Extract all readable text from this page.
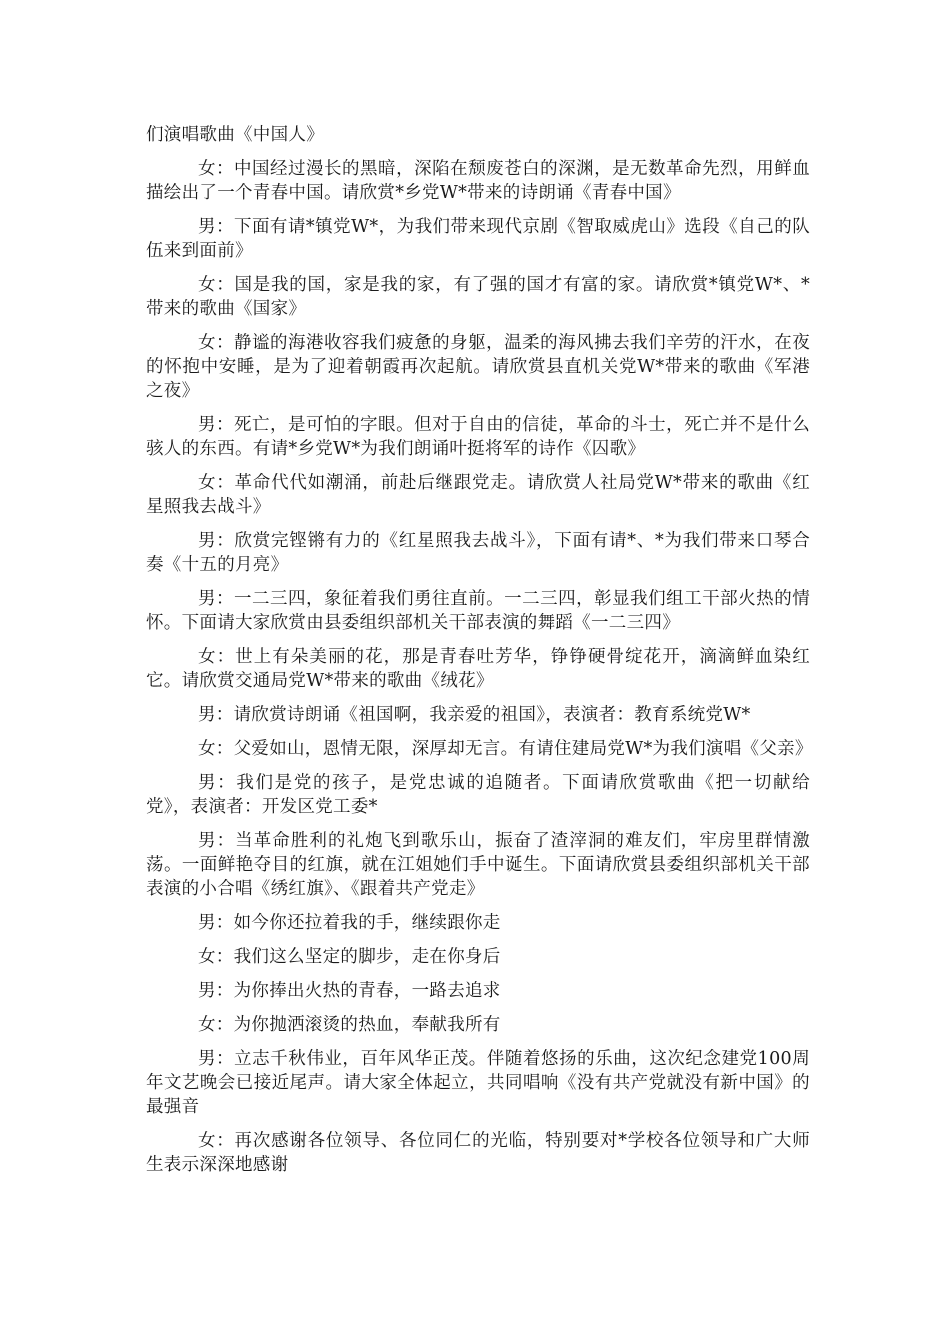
们演唱歌曲《中国人》

女：中国经过漫长的黑暗，深陷在颓废苍白的深渊，是无数革命先烈，用鲜血描绘出了一个青春中国。请欣赏*乡党W*带来的诗朗诵《青春中国》

男：下面有请*镇党W*，为我们带来现代京剧《智取威虎山》选段《自己的队伍来到面前》

女：国是我的国，家是我的家，有了强的国才有富的家。请欣赏*镇党W*、*带来的歌曲《国家》

女：静谧的海港收容我们疲惫的身躯，温柔的海风拂去我们辛劳的汗水，在夜的怀抱中安睡，是为了迎着朝霞再次起航。请欣赏县直机关党W*带来的歌曲《军港之夜》

男：死亡，是可怕的字眼。但对于自由的信徒，革命的斗士，死亡并不是什么骇人的东西。有请*乡党W*为我们朗诵叶挺将军的诗作《囚歌》

女：革命代代如潮涌，前赴后继跟党走。请欣赏人社局党W*带来的歌曲《红星照我去战斗》

男：欣赏完铿锵有力的《红星照我去战斗》，下面有请*、*为我们带来口琴合奏《十五的月亮》

男：一二三四，象征着我们勇往直前。一二三四，彰显我们组工干部火热的情怀。下面请大家欣赏由县委组织部机关干部表演的舞蹈《一二三四》

女：世上有朵美丽的花，那是青春吐芳华，铮铮硬骨绽花开，滴滴鲜血染红它。请欣赏交通局党W*带来的歌曲《绒花》

男：请欣赏诗朗诵《祖国啊，我亲爱的祖国》，表演者：教育系统党W*

女：父爱如山，恩情无限，深厚却无言。有请住建局党W*为我们演唱《父亲》

男：我们是党的孩子，是党忠诚的追随者。下面请欣赏歌曲《把一切献给党》，表演者：开发区党工委*

男：当革命胜利的礼炮飞到歌乐山，振奋了渣滓洞的难友们，牢房里群情激荡。一面鲜艳夺目的红旗，就在江姐她们手中诞生。下面请欣赏县委组织部机关干部表演的小合唱《绣红旗》、《跟着共产党走》

男：如今你还拉着我的手，继续跟你走

女：我们这么坚定的脚步，走在你身后

男：为你捧出火热的青春，一路去追求

女：为你抛洒滚烫的热血，奉献我所有

男：立志千秋伟业，百年风华正茂。伴随着悠扬的乐曲，这次纪念建党100周年文艺晚会已接近尾声。请大家全体起立，共同唱响《没有共产党就没有新中国》的最强音

女：再次感谢各位领导、各位同仁的光临，特别要对*学校各位领导和广大师生表示深深地感谢
